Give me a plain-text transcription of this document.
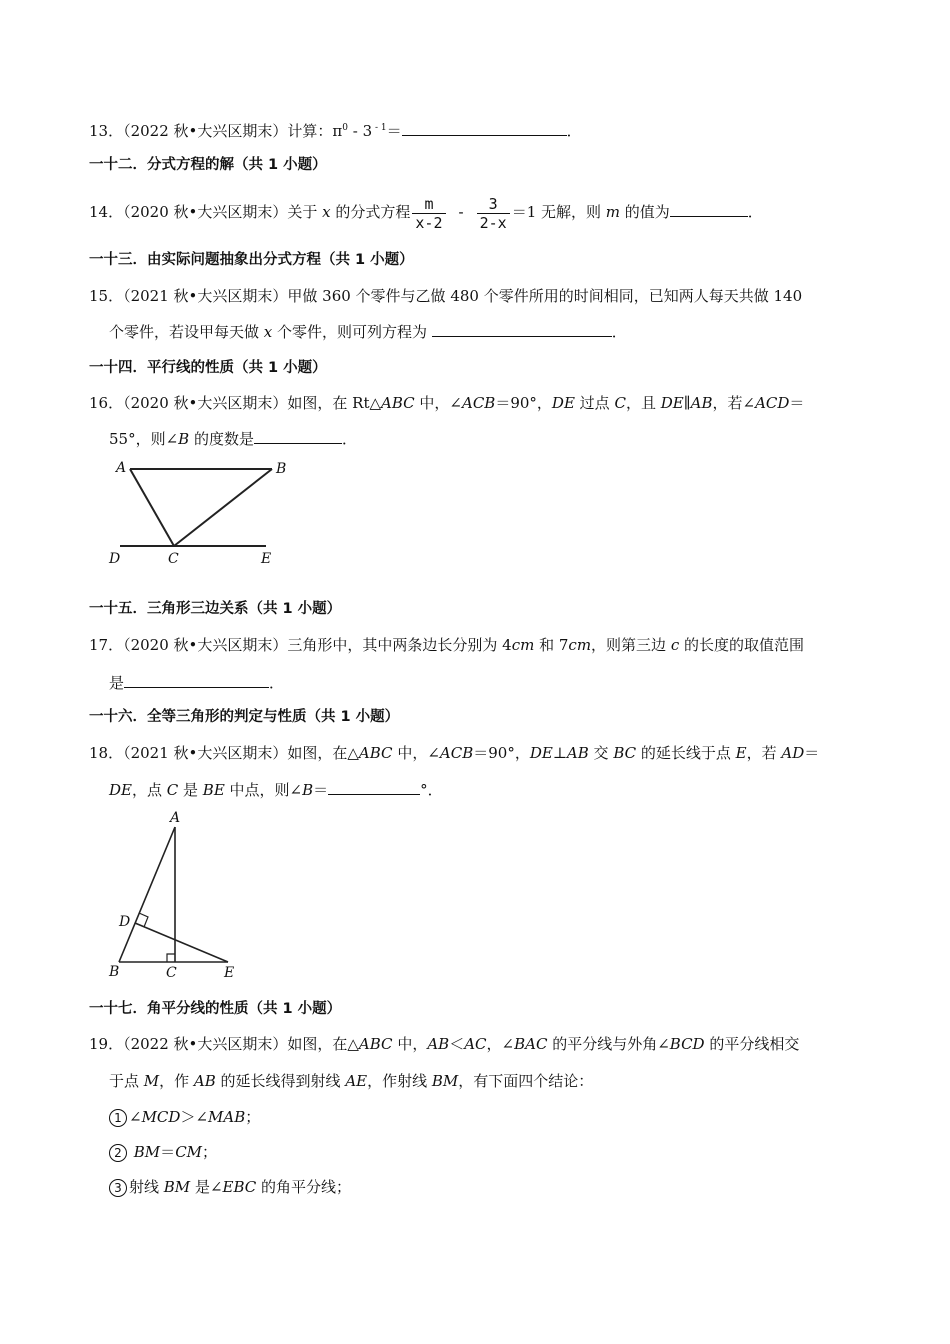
13．（2022 秋•大兴区期末）计算：$\pi^0 - 3$ $^{- 1}$＝	．
一十二．分式方程的解（共 1 小题）
14．（2020 秋•大兴区期末）关于 x 的分式方程 $\frac{m}{x-2} - \frac{3}{2-x} =1$ 无解，则 m 的值为	．
一十三．由实际问题抽象出分式方程（共 1 小题）
15．（2021 秋•大兴区期末）甲做 360 个零件与乙做 480 个零件所用的时间相同，已知两人每天共做 140
个零件，若设甲每天做 x 个零件，则可列方程为	．
一十四．平行线的性质（共 1 小题）
16．（2020 秋•大兴区期末）如图，在 Rt△ABC 中，∠ACB＝90°，DE 过点 C，且 DE∥AB，若∠ACD＝
55°，则∠B 的度数是	．
A	B
D	C	E
一十五．三角形三边关系（共 1 小题）
17．（2020 秋•大兴区期末）三角形中，其中两条边长分别为 4cm 和 7cm，则第三边 c 的长度的取值范围
是	．
一十六．全等三角形的判定与性质（共 1 小题）
18．（2021 秋•大兴区期末）如图，在△ABC 中，∠ACB＝90°，DE⊥AB 交 BC 的延长线于点 E，若 AD＝
DE，点 C 是 BE 中点，则∠B＝	°．
A
D
B	C	E
一十七．角平分线的性质（共 1 小题）
19．（2022 秋•大兴区期末）如图，在△ABC 中，AB＜AC，∠BAC 的平分线与外角∠BCD 的平分线相交
于点 M，作 AB 的延长线得到射线 AE，作射线 BM，有下面四个结论：
1 ∠MCD＞∠MAB；
2 BM＝CM；
3 射线 BM 是∠EBC 的角平分线；
